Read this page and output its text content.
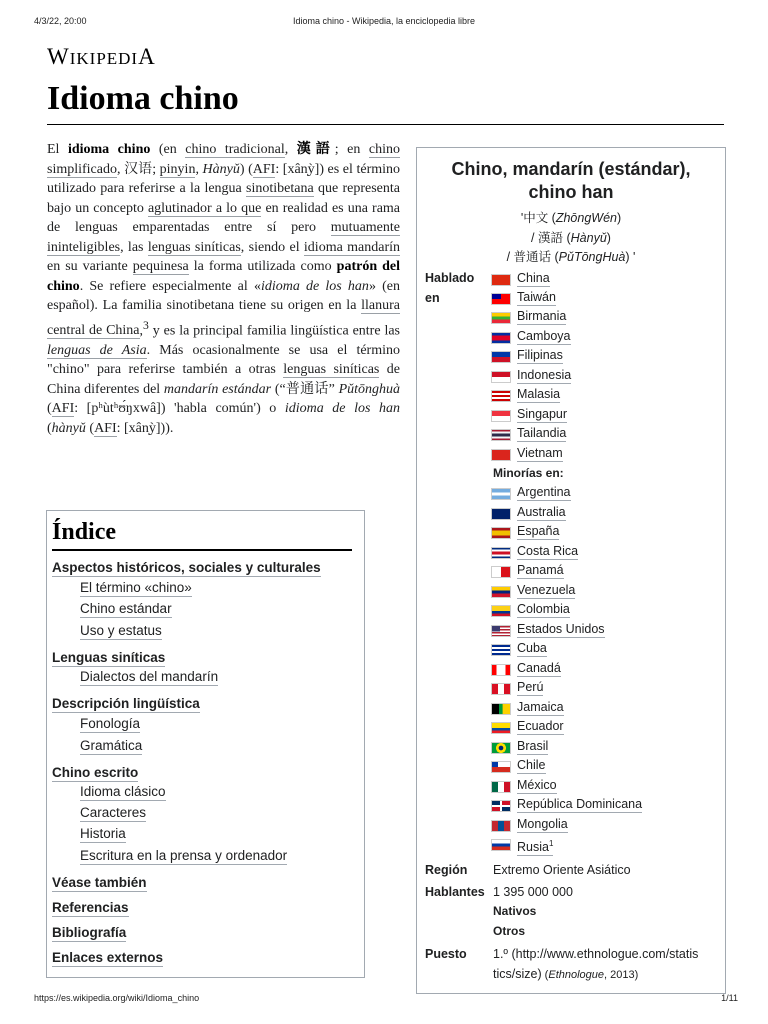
4/3/22, 20:00	Idioma chino - Wikipedia, la enciclopedia libre
WIKIPEDIA
Idioma chino

El idioma chino (en chino tradicional, 漢語; en chino simplificado, 汉语; pinyin, Hànyǔ) (AFI: [xân̩ỳ]) es el término utilizado para referirse a la lengua sinotibetana que representa bajo un concepto aglutinador a lo que en realidad es una rama de lenguas emparentadas entre sí pero mutuamente ininteligibles, las lenguas siníticas, siendo el idioma mandarín en su variante pequinesa la forma utilizada como patrón del chino. Se refiere especialmente al «idioma de los han» (en español). La familia sinotibetana tiene su origen en la llanura central de China,$^3$ y es la principal familia lingüística entre las lenguas de Asia. Más ocasionalmente se usa el término "chino" para referirse también a otras lenguas siníticas de China diferentes del mandarín estándar (“普通话” Pǔtōnghuà (AFI: [pʰùtʰʊ́ŋxwâ]) 'habla común') o idioma de los han (hànyǔ (AFI: [xân̩ỳ])).

Índice
Aspectos históricos, sociales y culturales
El término «chino»
Chino estándar
Uso y estatus
Lenguas siníticas
Dialectos del mandarín
Descripción lingüística
Fonología
Gramática
Chino escrito
Idioma clásico
Caracteres
Historia
Escritura en la prensa y ordenador
Véase también
Referencias
Bibliografía
Enlaces externos
Chino, mandarín (estándar),
chino han
'中文 (ZhōngWén)
/ 漢語 (Hànyǔ)
/ 普通话 (PǔTōngHuà) '
Hablado
en
China
Taiwán
Birmania
Camboya
Filipinas
Indonesia
Malasia
Singapur
Tailandia
Vietnam
Minorías en:
Argentina
Australia
España
Costa Rica
Panamá
Venezuela
Colombia
Estados Unidos
Cuba
Canadá
Perú
Jamaica
Ecuador
Brasil
Chile
México
República Dominicana
Mongolia
Rusia$^1$
Región Extremo Oriente Asiático
Hablantes 1 395 000 000
Nativos
Otros
Puesto 1.º (http://www.ethnologue.com/statis
tics/size) (Ethnologue, 2013)
https://es.wikipedia.org/wiki/Idioma_chino	1/11
